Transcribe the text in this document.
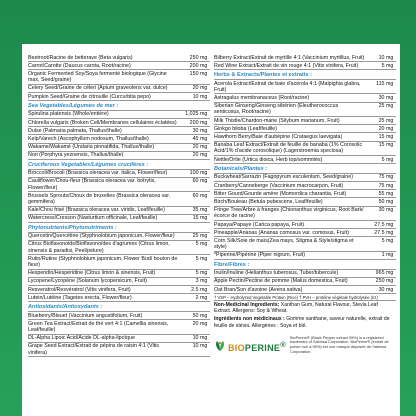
Beetroot/Racine de betterave (Beta vulgaris)	250 mg
Carrot/Carotte (Daucus carota, Root/racine)	200 mg
Organic Fermented Soy/Soya fermenté biologique (Glycine max, Seed/graine)
150 mg
Celery Seed/Graine de céleri (Apium graveolens var. dulce)	20 mg
Pumpkin Seed/Graine de citrouille (Curcurbita pepo)	10 mg
Sea Vegetables/Légumes de mer :
Spirulina platensis (Whole/entière)	1,025 mg
Chlorella vulgaris (Broken Cell/Membranes cellulaires éclatées)	200 mg
Dulse (Palmaria palmata, Thallus/thalle)	30 mg
Kelp/Varech (Ascophyllum nodosum, Thallus/thalle)	45 mg
Wakame/Wakamé (Undaria pinnatifida, Thallus/thalle)	20 mg
Nori (Porphyra yezoensis, Thallus/thalle)	20 mg
Cruciferous Vegetables/Légumes crucifères :
Broccoli/Brocoli (Brassica oleracea var. italica, Flower/fleur)	100 mg
Cauliflower/Chou-fleur (Brassica oleracea var. botrytis, Flower/fleur)
60 mg
Brussels Sprouts/Choux de bruxelles (Brassica oleracea var. gemmifera)
60 mg
Kale/Chou frisé (Brassica oleracea var. viridis, Leaf/feuille)	35 mg
Watercress/Cresson (Nasturtium officinale, Leaf/feuille)	15 mg
Phytonutrients/Phytonutriments :
Quercetin/Quercétine (Styphnolobium japonicum, Flower/fleur)	25 mg
Citrus Bioflavonoids/Bioflavonoïdes d'agrumes (Citrus limon, sinensis & paradisi, Peel/pelure)
5 mg
Rutin/Rutine (Styphnolobium japonicum, Flower Bud/ bouton de fleur)
5 mg
Hesperidin/Hespéridine (Citrus limon & sinensis, Fruit)	5 mg
Lycopene/Lycopène (Solanum lycopersicum, Fruit)	3 mg
Resveratrol/Resvératrol (Vitis vinifera, Fruit)	2.5 mg
Lutein/Lutéine (Tagetes erecta, Flower/fleur)	2 mg
Antioxidants/Antioxydants :
Blueberry/Bleuet (Vaccinium angustifolium, Fruit)	50 mg
Green Tea Extract/Extrait de thé vert 4:1 (Camellia sinensis, Leaf/feuille)
20 mg
DL-Alpha Lipoic Acid/Acide DL-alpha-lipoïque	10 mg
Grape Seed Extract/Extrait de pépins de raisin 4:1 (Vitis vinifera)
10 mg
Bilberry Extract/Extrait de myrtille 4:1 (Vaccinium myrtillus, Fruit)	10 mg
Red Wine Extract/Extrait de vin rouge 4:1 (Vitis vinifera, Fruit)	5 mg
Herbs & Extracts/Plantes et extraits :
Acerola Extract/Extrait de baie d'acérola 4:1 (Malpighia glabra, Fruit)
115 mg
Astragalus membranaceus (Root/racine)	30 mg
Siberian Ginseng/Ginseng sibérien (Eleutherococcus senticosus, Root/racine)
25 mg
Milk Thistle/Chardon-marie (Silybum marianum, Fruit)	25 mg
Ginkgo biloba (Leaf/feuille)	20 mg
Hawthorn Berry/Baie d'aubépine (Crataegus laevigata)	15 mg
Banaba Leaf Extract/Extrait de feuille de banaba (1% Corosolic Acid/1% d'acide corosolique) (Lagerstroemia speciosa)
15 mg
Nettle/Ortie (Urtica dioica, Herb top/sommités)	5 mg
Botanicals/Plantes :
Buckwheat/Sarrazin (Fagopyrum esculentum, Seed/graine)	75 mg
Cranberry/Canneberge (Vaccinium macrocarpon, Fruit)	75 mg
Bitter Gourd/Gourde amère (Momordica charantia, Fruit)	55 mg
Birch/Bouleau (Betula pubescens, Leaf/feuille)	50 mg
Fringe Tree/Arbre à franges (Chionanthus virginicus, Root Bark/écorce de racine)
30 mg
Papaya/Papaye (Carica papaya, Fruit)	27.5 mg
Pineapple/Ananas (Ananas comosus var. comosus, Fruit)	27.5 mg
Corn Silk/Soie de maïs(Zea mays, Stigma & Style/stigma et style)
5 mg
*Piperine/Pipérine (Piper nigrum, Fruit)	1 mg
Fibre/Fibres :
Inulin/Inuline (Helianthus tuberosus, Tuber/tubercule)	965 mg
Apple Pectin/Pectine de pomme (Malus domestica, Fruit)	250 mg
Oat Bran/Son d'avoine (Avena sativa)	30 mg
† VSP – Hydrolyzed Vegetable Protein (Rice) † PVH – protéine végétale hydrolysée (riz)
Non-Medicinal Ingredients: Xanthan Gum, Natural Flavour, Stevia Leaf Extract. Allergens: Soy & Wheat.
Ingrédients non médicinaux : Gomme xanthane, saveur naturelle, extrait de feuille de stévia. Allergènes : Soya et blé.
BIOPERINE®
BioPerine® (Black Pepper extract 95%) is a registered trademark of Sabinsa Corporation. BioPerine® (extrait de poivre noir à 95%) est une marque déposée de Sabinsa Corporation.
